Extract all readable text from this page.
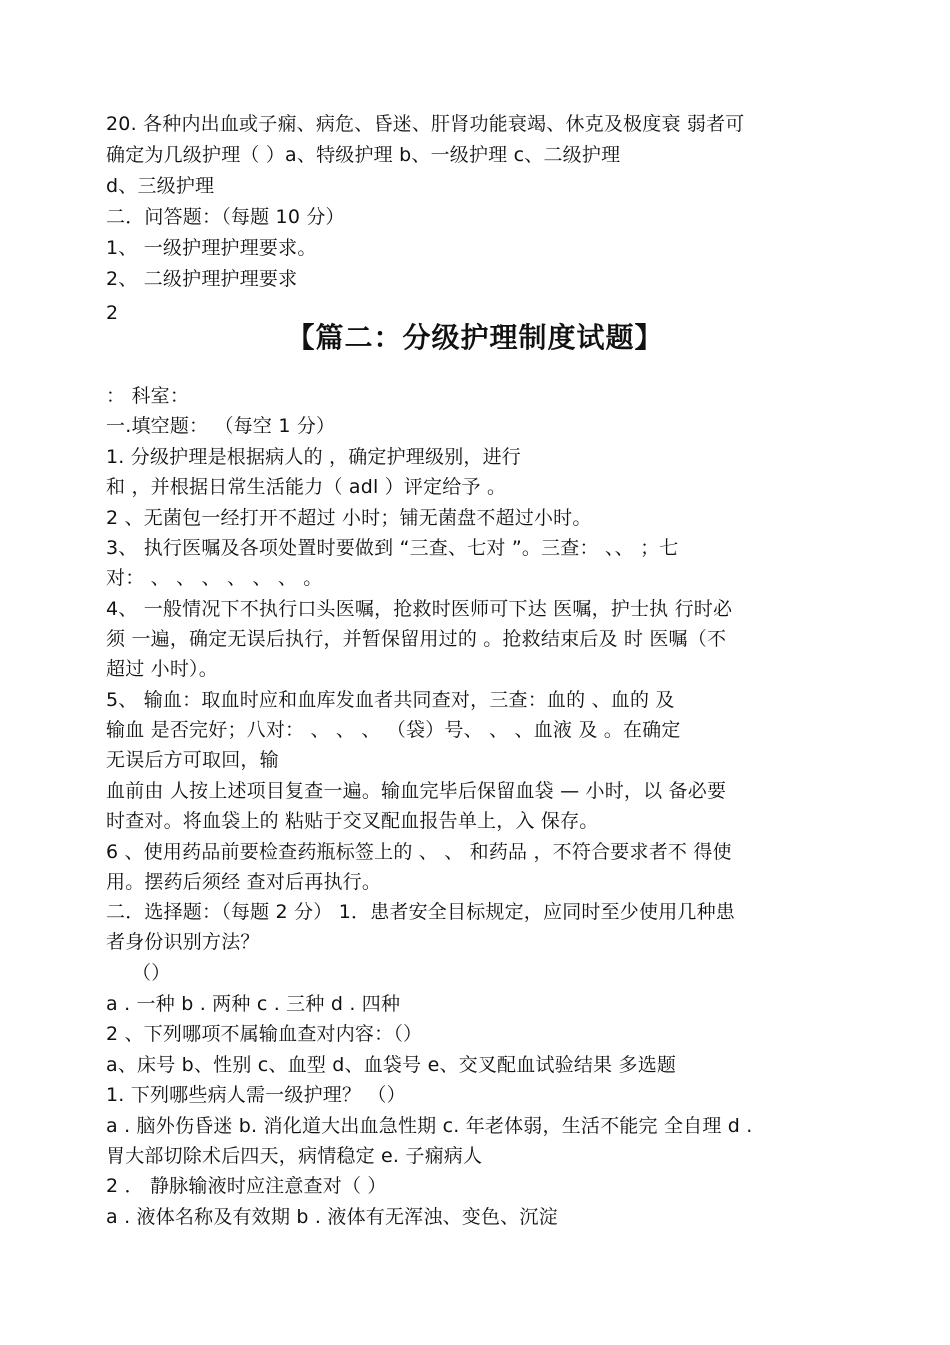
20. 各种内出血或子痫、病危、昏迷、肝肾功能衰竭、休克及极度衰 弱者可
确定为几级护理（ ）a、特级护理 b、一级护理 c、二级护理
d、三级护理
二．问答题：（每题 10 分）
1、 一级护理护理要求。
2、 二级护理护理要求
2
【篇二：分级护理制度试题】
： 科室：
一.填空题： （每空 1 分）
1. 分级护理是根据病人的 ，确定护理级别，进行
和 ，并根据日常生活能力（ adl ）评定给予 。
2 、无菌包一经打开不超过 小时；铺无菌盘不超过小时。
3、 执行医嘱及各项处置时要做到 “三查、七对 ”。三查： 、、 ；七
对： 、 、 、 、 、 、 。
4、 一般情况下不执行口头医嘱，抢救时医师可下达 医嘱，护士执 行时必
须 一遍，确定无误后执行，并暂保留用过的 。抢救结束后及 时 医嘱（不
超过 小时）。
5、 输血：取血时应和血库发血者共同查对，三查：血的 、血的 及
输血 是否完好；八对： 、 、 、 （袋）号、 、 、血液 及 。在确定
无误后方可取回，输
血前由 人按上述项目复查一遍。输血完毕后保留血袋 — 小时，以 备必要
时查对。将血袋上的 粘贴于交叉配血报告单上，入 保存。
6 、使用药品前要检查药瓶标签上的 、 、 和药品 ，不符合要求者不 得使
用。摆药后须经 查对后再执行。
二．选择题：（每题 2 分） 1．患者安全目标规定，应同时至少使用几种患
者身份识别方法？
（）
a . 一种 b . 两种 c . 三种 d . 四种
2 、下列哪项不属输血查对内容：（）
a、床号 b、性别 c、血型 d、血袋号 e、交叉配血试验结果 多选题
1. 下列哪些病人需一级护理？ （）
a . 脑外伤昏迷 b. 消化道大出血急性期 c. 年老体弱，生活不能完 全自理 d .
胃大部切除术后四天，病情稳定 e. 子痫病人
2 ． 静脉输液时应注意查对（ ）
a . 液体名称及有效期 b . 液体有无浑浊、变色、沉淀
